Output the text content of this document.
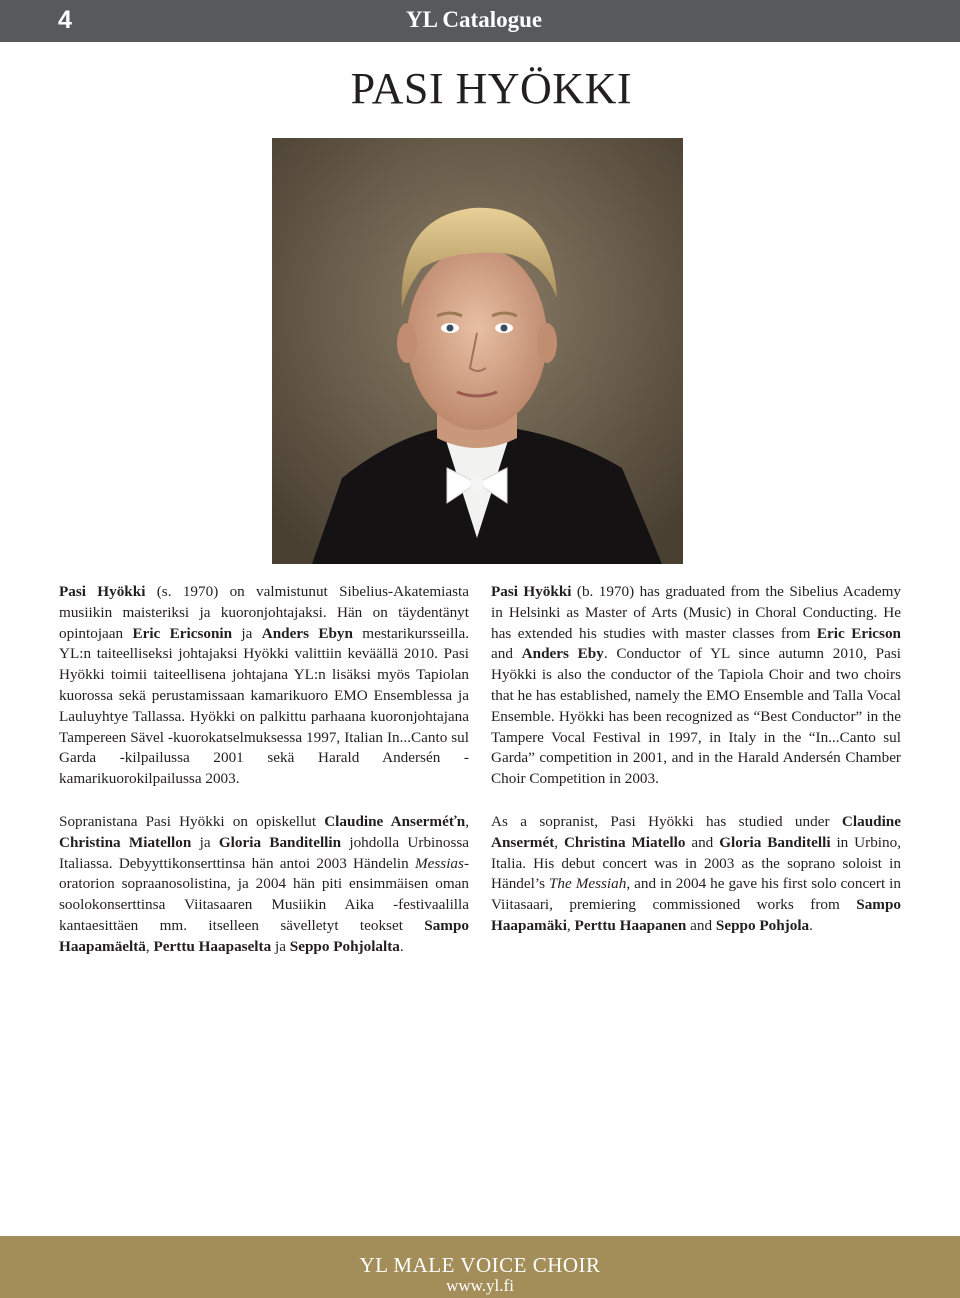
4	YL Catalogue
PASI HYÖKKI

Pasi Hyökki (s. 1970) on valmistunut Sibelius-Akatemiasta musiikin maisteriksi ja kuoronjohtajaksi. Hän on täydentänyt opintojaan Eric Ericsonin ja Anders Ebyn mestarikursseilla. YL:n taiteelliseksi johtajaksi Hyökki valittiin keväällä 2010. Pasi Hyökki toimii taiteellisena johtajana YL:n lisäksi myös Tapiolan kuorossa sekä perustamissaan kamarikuoro EMO Ensemblessa ja Lauluyhtye Tallassa. Hyökki on palkittu parhaana kuoronjohtajana Tampereen Sävel -kuorokatselmuksessa 1997, Italian In...Canto sul Garda -kilpailussa 2001 sekä Harald Andersén -kamarikuorokilpailussa 2003.

Sopranistana Pasi Hyökki on opiskellut Claudine Anserméťn, Christina Miatellon ja Gloria Banditellin johdolla Urbinossa Italiassa. Debyyttikonserttinsa hän antoi 2003 Händelin Messias-oratorion sopraanosolistina, ja 2004 hän piti ensimmäisen oman soolokonserttinsa Viitasaaren Musiikin Aika -festivaalilla kantaesittäen mm. itselleen sävelletyt teokset Sampo Haapamäeltä, Perttu Haapaselta ja Seppo Pohjolalta.

Pasi Hyökki (b. 1970) has graduated from the Sibelius Academy in Helsinki as Master of Arts (Music) in Choral Conducting. He has extended his studies with master classes from Eric Ericson and Anders Eby. Conductor of YL since autumn 2010, Pasi Hyökki is also the conductor of the Tapiola Choir and two choirs that he has established, namely the EMO Ensemble and Talla Vocal Ensemble. Hyökki has been recognized as “Best Conductor” in the Tampere Vocal Festival in 1997, in Italy in the “In...Canto sul Garda” competition in 2001, and in the Harald Andersén Chamber Choir Competition in 2003.

As a sopranist, Pasi Hyökki has studied under Claudine Ansermét, Christina Miatello and Gloria Banditelli in Urbino, Italia. His debut concert was in 2003 as the soprano soloist in Händel’s The Messiah, and in 2004 he gave his first solo concert in Viitasaari, premiering commissioned works from Sampo Haapamäki, Perttu Haapanen and Seppo Pohjola.

YL MALE VOICE CHOIR
www.yl.fi
